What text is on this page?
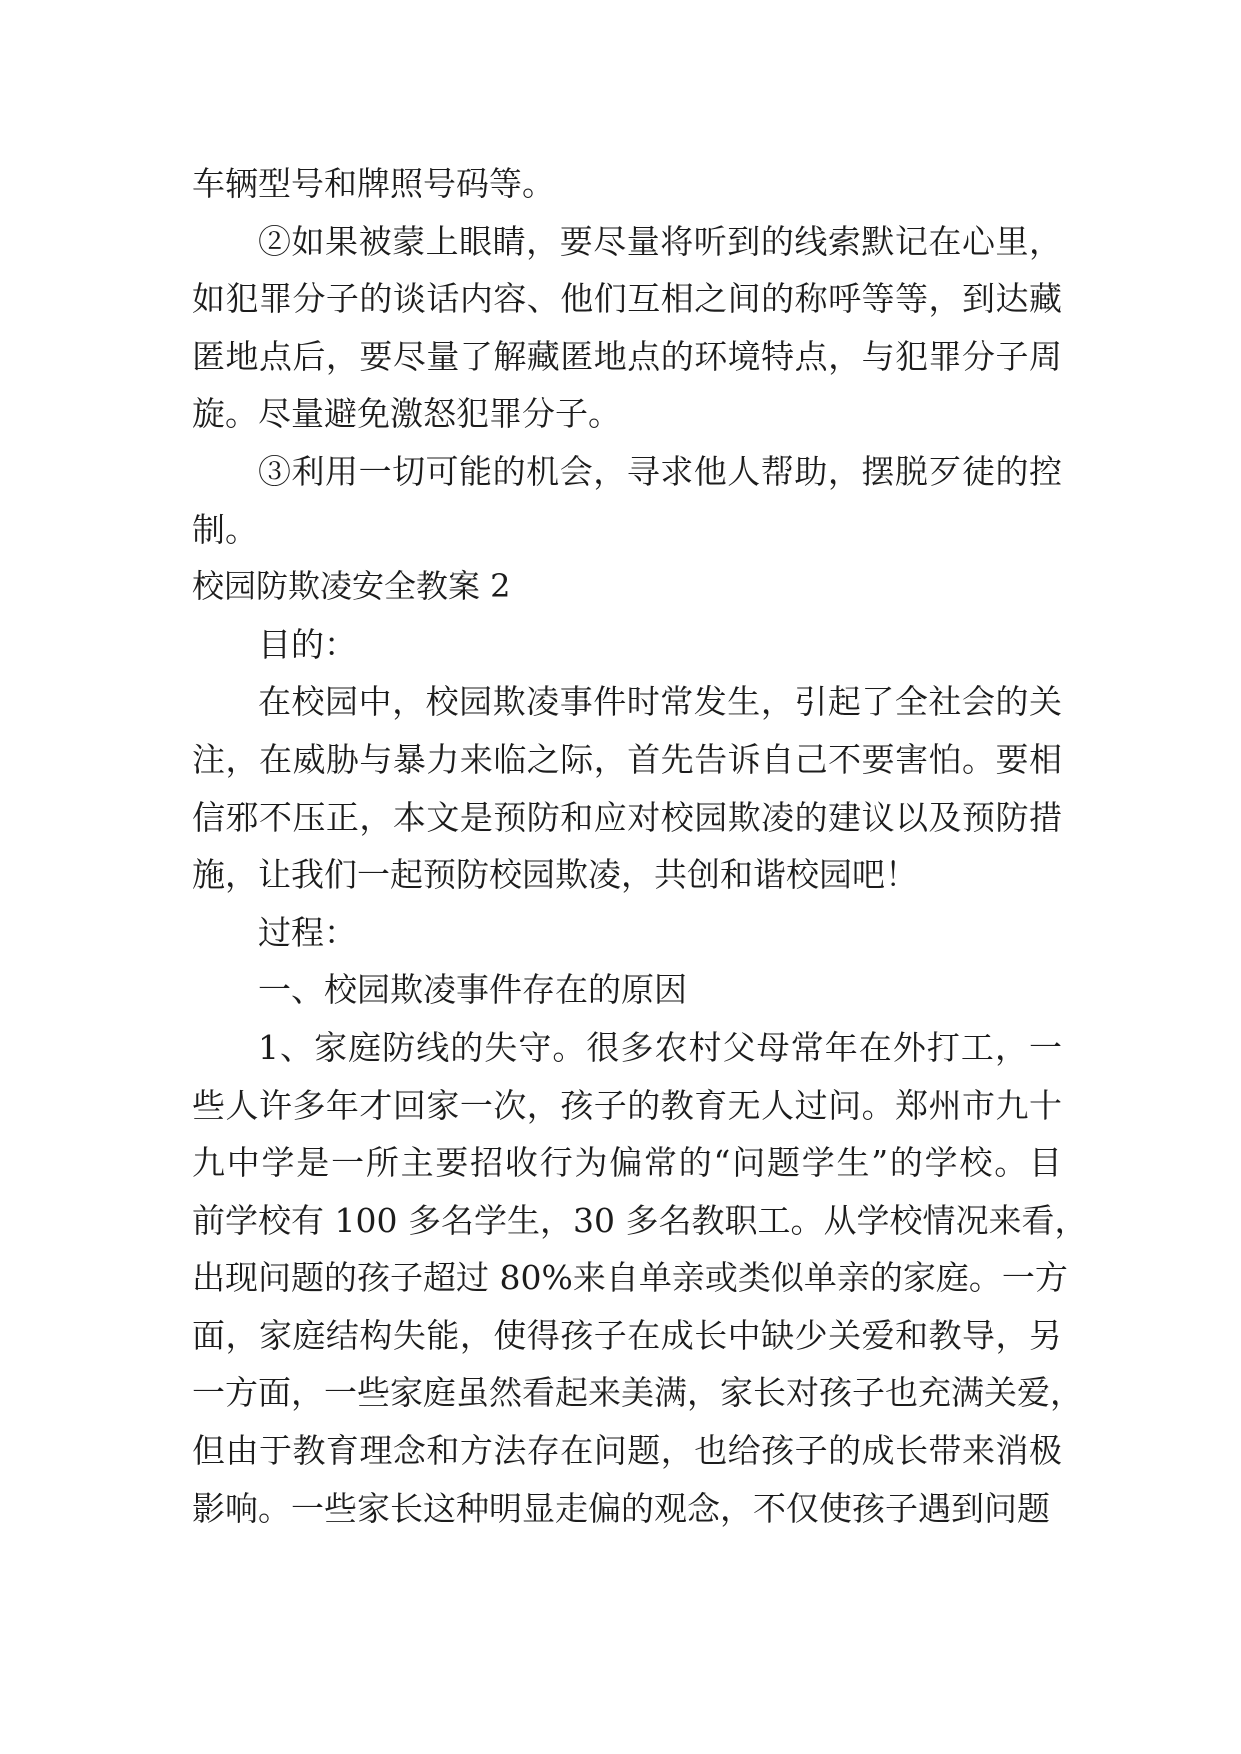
车辆型号和牌照号码等。
②如果被蒙上眼睛，要尽量将听到的线索默记在心里，
如犯罪分子的谈话内容、他们互相之间的称呼等等，到达藏
匿地点后，要尽量了解藏匿地点的环境特点，与犯罪分子周
旋。尽量避免激怒犯罪分子。
③利用一切可能的机会，寻求他人帮助，摆脱歹徒的控
制。
校园防欺凌安全教案 2
目的：
在校园中，校园欺凌事件时常发生，引起了全社会的关
注，在威胁与暴力来临之际，首先告诉自己不要害怕。要相
信邪不压正，本文是预防和应对校园欺凌的建议以及预防措
施，让我们一起预防校园欺凌，共创和谐校园吧！
过程：
一、校园欺凌事件存在的原因
1、家庭防线的失守。很多农村父母常年在外打工，一
些人许多年才回家一次，孩子的教育无人过问。郑州市九十
九中学是一所主要招收行为偏常的“问题学生”的学校。目
前学校有 100 多名学生，30 多名教职工。从学校情况来看，
出现问题的孩子超过 80%来自单亲或类似单亲的家庭。一方
面，家庭结构失能，使得孩子在成长中缺少关爱和教导，另
一方面，一些家庭虽然看起来美满，家长对孩子也充满关爱，
但由于教育理念和方法存在问题，也给孩子的成长带来消极
影响。一些家长这种明显走偏的观念，不仅使孩子遇到问题
